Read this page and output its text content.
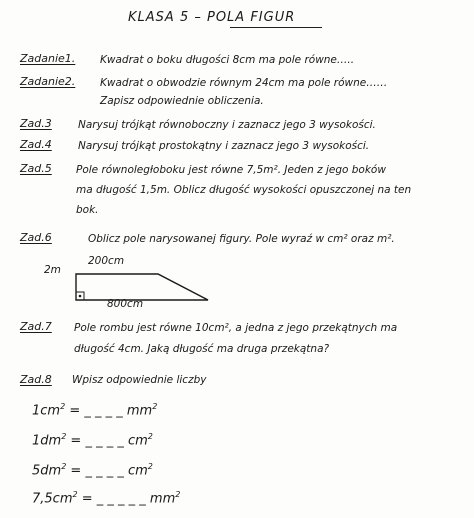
KLASA 5 – POLA FIGUR
Zadanie1. Kwadrat o boku długości 8cm ma pole równe…..
Zadanie2. Kwadrat o obwodzie równym 24cm ma pole równe……
Zapisz odpowiednie obliczenia.
Zad.3 Narysuj trójkąt równoboczny i zaznacz jego 3 wysokości.
Zad.4 Narysuj trójkąt prostokątny i zaznacz jego 3 wysokości.
Zad.5 Pole równoległoboku jest równe 7,5m². Jeden z jego boków
ma długość 1,5m. Oblicz długość wysokości opuszczonej na ten
bok.
Zad.6	Oblicz pole narysowanej figury. Pole wyraź w cm² oraz m².
200cm
2m
800cm
Zad.7 Pole rombu jest równe 10cm², a jedna z jego przekątnych ma
długość 4cm. Jaką długość ma druga przekątna?
Zad.8 Wpisz odpowiednie liczby
$1cm^2$ = _ _ _ _ $mm^2$
$1dm^2$ = _ _ _ _ $cm^2$
$5dm^2$ = _ _ _ _ $cm^2$
$7,5cm^2$ = _ _ _ _ _ $mm^2$
